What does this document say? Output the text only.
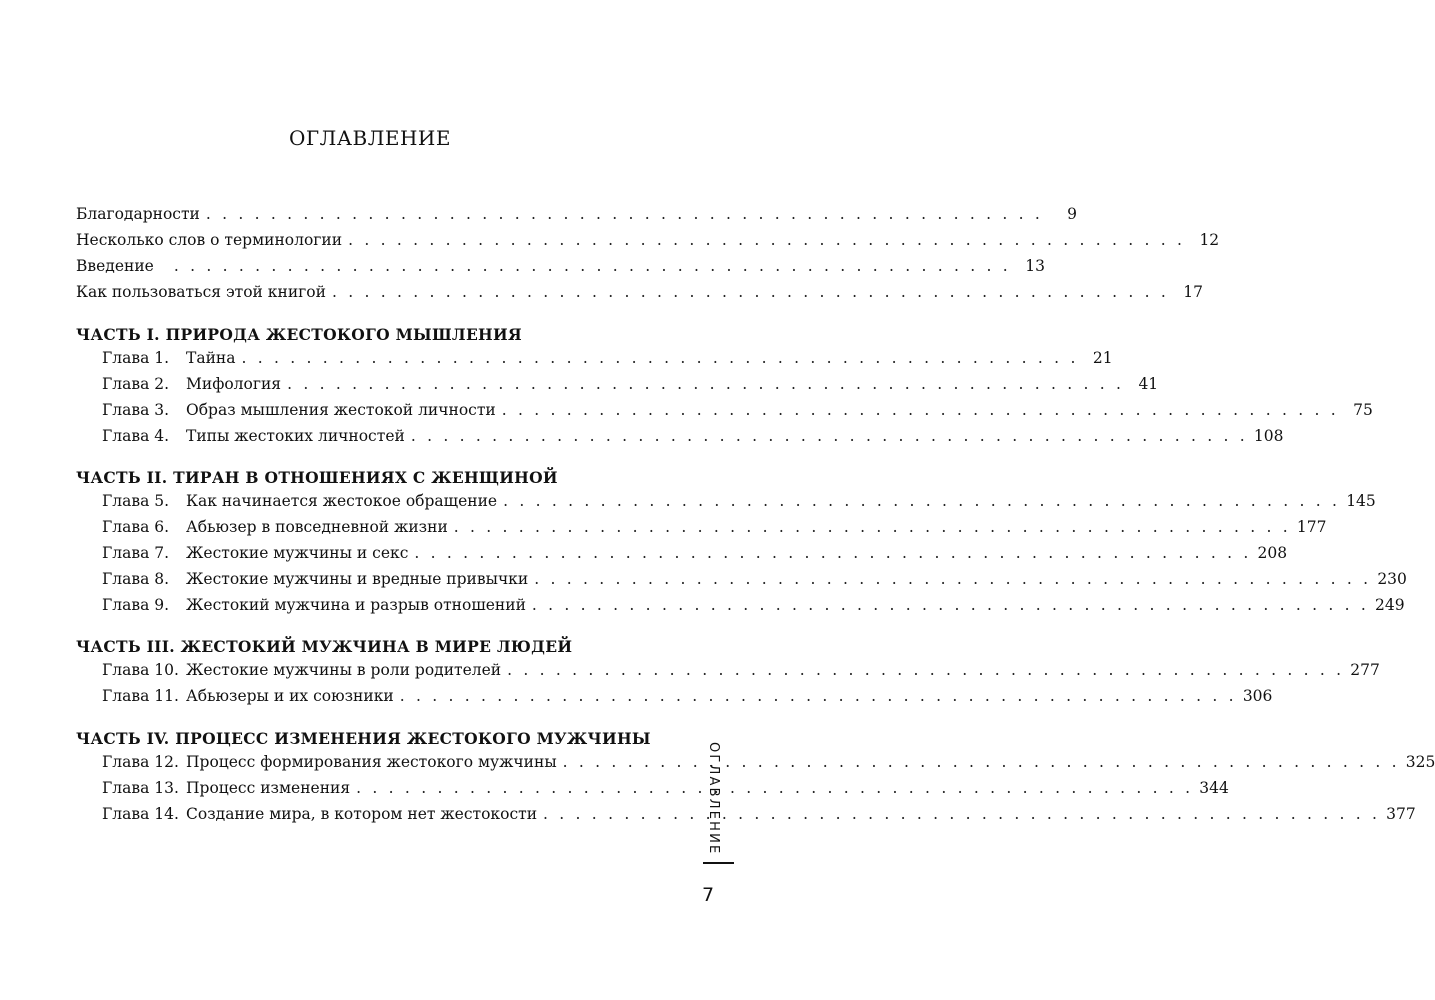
ОГЛАВЛЕНИЕ
Благодарности . . . . . . . . . . . . . . . . . . . . . . . . . . . . . . . . . . . . . . . . . . . . . . . . . . . .	9
Несколько слов о терминологии . . . . . . . . . . . . . . . . . . . . . . . . . . . . . . . . . . . . . . . . . . . . . . . . . . . . 12
Введение	. . . . . . . . . . . . . . . . . . . . . . . . . . . . . . . . . . . . . . . . . . . . . . . . . . . . 13
Как пользоваться этой книгой . . . . . . . . . . . . . . . . . . . . . . . . . . . . . . . . . . . . . . . . . . . . . . . . . . . . 17
ЧАСТЬ I. ПРИРОДА ЖЕСТОКОГО МЫШЛЕНИЯ
Глава 1.	Тайна . . . . . . . . . . . . . . . . . . . . . . . . . . . . . . . . . . . . . . . . . . . . . . . . . . . . 21
Глава 2.	Мифология . . . . . . . . . . . . . . . . . . . . . . . . . . . . . . . . . . . . . . . . . . . . . . . . . . . . 41
Глава 3.	Образ мышления жестокой личности . . . . . . . . . . . . . . . . . . . . . . . . . . . . . . . . . . . . . . . . . . . . . . . . . . . . 75
Глава 4.	Типы жестоких личностей . . . . . . . . . . . . . . . . . . . . . . . . . . . . . . . . . . . . . . . . . . . . . . . . . . . . 108
ЧАСТЬ II. ТИРАН В ОТНОШЕНИЯХ С ЖЕНЩИНОЙ
Глава 5.	Как начинается жестокое обращение . . . . . . . . . . . . . . . . . . . . . . . . . . . . . . . . . . . . . . . . . . . . . . . . . . . . 145
Глава 6.	Абьюзер в повседневной жизни . . . . . . . . . . . . . . . . . . . . . . . . . . . . . . . . . . . . . . . . . . . . . . . . . . . . 177
Глава 7.	Жестокие мужчины и секс . . . . . . . . . . . . . . . . . . . . . . . . . . . . . . . . . . . . . . . . . . . . . . . . . . . . 208
Глава 8.	Жестокие мужчины и вредные привычки . . . . . . . . . . . . . . . . . . . . . . . . . . . . . . . . . . . . . . . . . . . . . . . . . . . . 230
Глава 9.	Жестокий мужчина и разрыв отношений . . . . . . . . . . . . . . . . . . . . . . . . . . . . . . . . . . . . . . . . . . . . . . . . . . . . 249
ЧАСТЬ III. ЖЕСТОКИЙ МУЖЧИНА В МИРЕ ЛЮДЕЙ
Глава 10. Жестокие мужчины в роли родителей . . . . . . . . . . . . . . . . . . . . . . . . . . . . . . . . . . . . . . . . . . . . . . . . . . . . 277
Глава 11. Абьюзеры и их союзники . . . . . . . . . . . . . . . . . . . . . . . . . . . . . . . . . . . . . . . . . . . . . . . . . . . . 306
ЧАСТЬ IV. ПРОЦЕСС ИЗМЕНЕНИЯ ЖЕСТОКОГО МУЖЧИНЫ
Глава 12. Процесс формирования жестокого мужчины . . . . . . . . . . . . . . . . . . . . . . . . . . . . . . . . . . . . . . . . . . . . . . . . . . . . 325
Глава 13. Процесс изменения . . . . . . . . . . . . . . . . . . . . . . . . . . . . . . . . . . . . . . . . . . . . . . . . . . . . 344
Глава 14. Создание мира, в котором нет жестокости . . . . . . . . . . . . . . . . . . . . . . . . . . . . . . . . . . . . . . . . . . . . . . . . . . . . 377
ОГЛАВЛЕНИЕ
7
